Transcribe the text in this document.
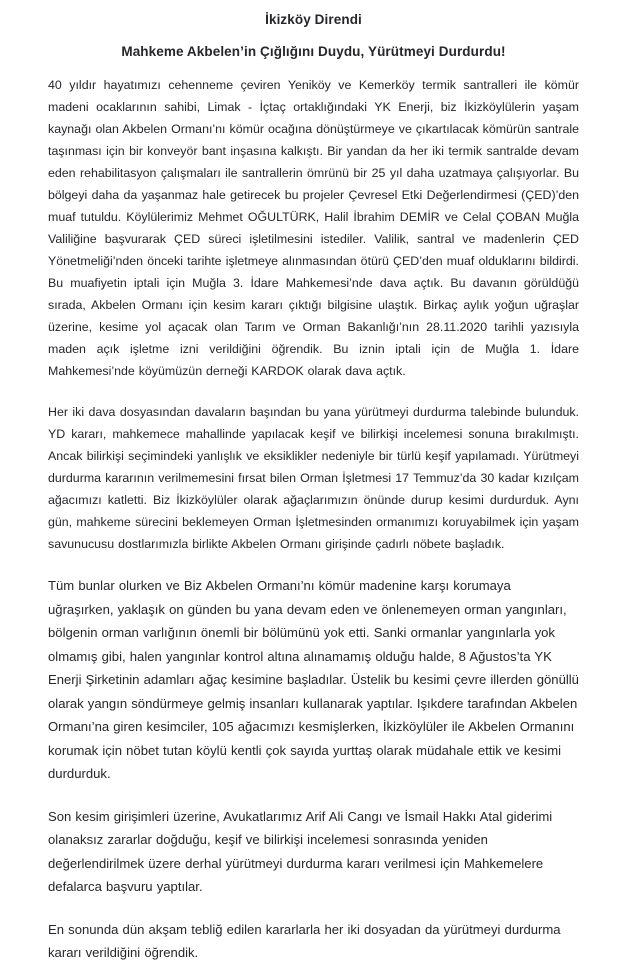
İkizköy Direndi
Mahkeme Akbelen’in Çığlığını Duydu, Yürütmeyi Durdurdu!

40 yıldır hayatımızı cehenneme çeviren Yeniköy ve Kemerköy termik santralleri ile kömür madeni ocaklarının sahibi, Limak - İçtaç ortaklığındaki YK Enerji, biz İkizköylülerin yaşam kaynağı olan Akbelen Ormanı’nı kömür ocağına dönüştürmeye ve çıkartılacak kömürün santrale taşınması için bir konveyör bant inşasına kalkıştı. Bir yandan da her iki termik santralde devam eden rehabilitasyon çalışmaları ile santrallerin ömrünü bir 25 yıl daha uzatmaya çalışıyorlar. Bu bölgeyi daha da yaşanmaz hale getirecek bu projeler Çevresel Etki Değerlendirmesi (ÇED)’den muaf tutuldu. Köylülerimiz Mehmet OĞULTÜRK, Halil İbrahim DEMİR ve Celal ÇOBAN Muğla Valiliğine başvurarak ÇED süreci işletilmesini istediler. Valilik, santral ve madenlerin ÇED Yönetmeliği’nden önceki tarihte işletmeye alınmasından ötürü ÇED’den muaf olduklarını bildirdi. Bu muafiyetin iptali için Muğla 3. İdare Mahkemesi’nde dava açtık. Bu davanın görüldüğü sırada, Akbelen Ormanı için kesim kararı çıktığı bilgisine ulaştık. Birkaç aylık yoğun uğraşlar üzerine, kesime yol açacak olan Tarım ve Orman Bakanlığı’nın 28.11.2020 tarihli yazısıyla maden açık işletme izni verildiğini öğrendik. Bu iznin iptali için de Muğla 1. İdare Mahkemesi’nde köyümüzün derneği KARDOK olarak dava açtık.

Her iki dava dosyasından davaların başından bu yana yürütmeyi durdurma talebinde bulunduk. YD kararı, mahkemece mahallinde yapılacak keşif ve bilirkişi incelemesi sonuna bırakılmıştı. Ancak bilirkişi seçimindeki yanlışlık ve eksiklikler nedeniyle bir türlü keşif yapılamadı. Yürütmeyi durdurma kararının verilmemesini fırsat bilen Orman İşletmesi 17 Temmuz’da 30 kadar kızılçam ağacımızı katletti. Biz İkizköylüler olarak ağaçlarımızın önünde durup kesimi durdurduk. Aynı gün, mahkeme sürecini beklemeyen Orman İşletmesinden ormanımızı koruyabilmek için yaşam savunucusu dostlarımızla birlikte Akbelen Ormanı girişinde çadırlı nöbete başladık.

Tüm bunlar olurken ve Biz Akbelen Ormanı’nı kömür madenine karşı korumaya uğraşırken, yaklaşık on günden bu yana devam eden ve önlenemeyen orman yangınları, bölgenin orman varlığının önemli bir bölümünü yok etti. Sanki ormanlar yangınlarla yok olmamış gibi, halen yangınlar kontrol altına alınamamış olduğu halde, 8 Ağustos’ta YK Enerji Şirketinin adamları ağaç kesimine başladılar. Üstelik bu kesimi çevre illerden gönüllü olarak yangın söndürmeye gelmiş insanları kullanarak yaptılar. Işıkdere tarafından Akbelen Ormanı’na giren kesimciler, 105 ağacımızı kesmişlerken, İkizköylüler ile Akbelen Ormanını korumak için nöbet tutan köylü kentli çok sayıda yurttaş olarak müdahale ettik ve kesimi durdurduk.

Son kesim girişimleri üzerine, Avukatlarımız Arif Ali Cangı ve İsmail Hakkı Atal giderimi olanaksız zararlar doğduğu, keşif ve bilirkişi incelemesi sonrasında yeniden değerlendirilmek üzere derhal yürütmeyi durdurma kararı verilmesi için Mahkemelere defalarca başvuru yaptılar.

En sonunda dün akşam tebliğ edilen kararlarla her iki dosyadan da yürütmeyi durdurma kararı verildiğini öğrendik.
